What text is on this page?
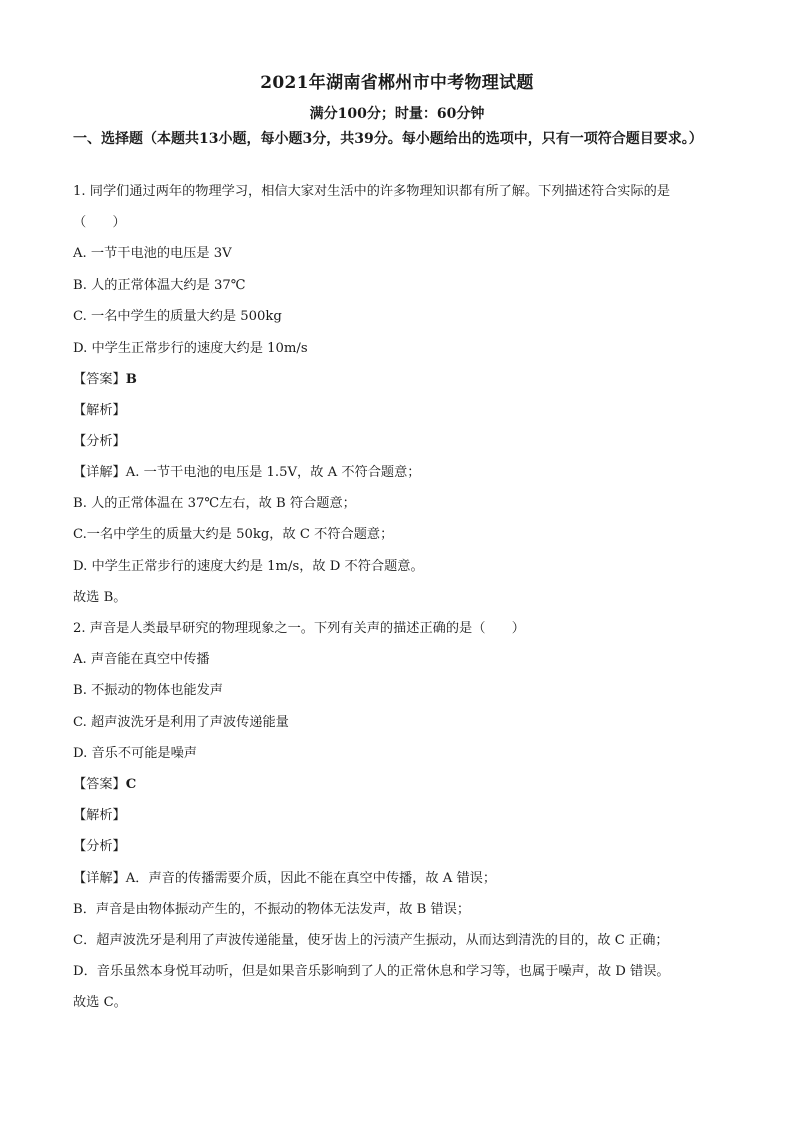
2021年湖南省郴州市中考物理试题
满分100分；时量：60分钟
一、选择题（本题共13小题，每小题3分，共39分。每小题给出的选项中，只有一项符合题目要求。）
1. 同学们通过两年的物理学习，相信大家对生活中的许多物理知识都有所了解。下列描述符合实际的是
（　　）
A. 一节干电池的电压是 3V
B. 人的正常体温大约是 37℃
C. 一名中学生的质量大约是 500kg
D. 中学生正常步行的速度大约是 10m/s
【答案】B
【解析】
【分析】
【详解】A. 一节干电池的电压是 1.5V，故 A 不符合题意；
B. 人的正常体温在 37℃左右，故 B 符合题意；
C.一名中学生的质量大约是 50kg，故 C 不符合题意；
D. 中学生正常步行的速度大约是 1m/s，故 D 不符合题意。
故选 B。
2. 声音是人类最早研究的物理现象之一。下列有关声的描述正确的是（　　）
A. 声音能在真空中传播
B. 不振动的物体也能发声
C. 超声波洗牙是利用了声波传递能量
D. 音乐不可能是噪声
【答案】C
【解析】
【分析】
【详解】A．声音的传播需要介质，因此不能在真空中传播，故 A 错误；
B．声音是由物体振动产生的，不振动的物体无法发声，故 B 错误；
C．超声波洗牙是利用了声波传递能量，使牙齿上的污渍产生振动，从而达到清洗的目的，故 C 正确；
D．音乐虽然本身悦耳动听，但是如果音乐影响到了人的正常休息和学习等，也属于噪声，故 D 错误。
故选 C。
